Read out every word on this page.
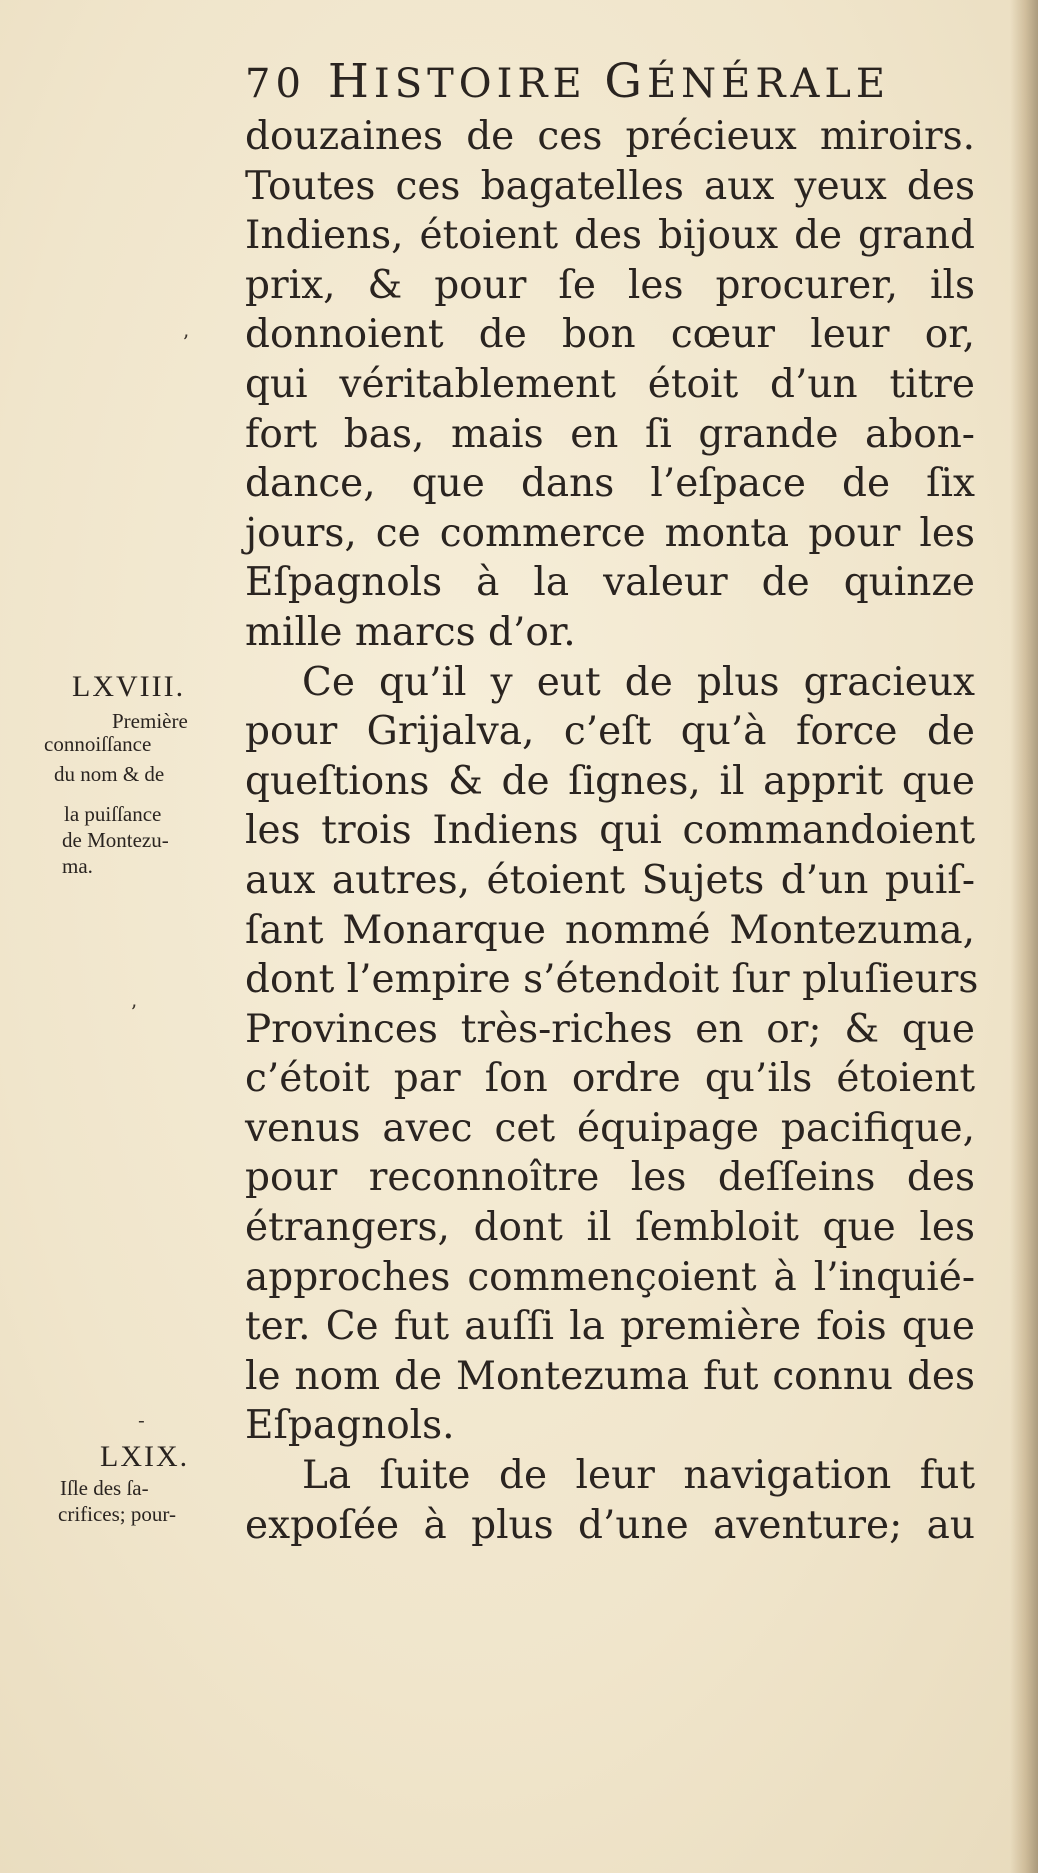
70 HISTOIRE GÉNÉRALE
douzaines de ces précieux miroirs.
Toutes ces bagatelles aux yeux des
Indiens, étoient des bijoux de grand
prix, & pour ſe les procurer, ils
donnoient de bon cœur leur or,
qui véritablement étoit d’un titre
fort bas, mais en ſi grande abon-
dance, que dans l’eſpace de ſix
jours, ce commerce monta pour les
Eſpagnols à la valeur de quinze
mille marcs d’or.
Ce qu’il y eut de plus gracieux
pour Grijalva, c’eſt qu’à force de
queſtions & de ſignes, il apprit que
les trois Indiens qui commandoient
aux autres, étoient Sujets d’un puiſ-
ſant Monarque nommé Montezuma,
dont l’empire s’étendoit ſur pluſieurs
Provinces très-riches en or; & que
c’étoit par ſon ordre qu’ils étoient
venus avec cet équipage pacifique,
pour reconnoître les deſſeins des
étrangers, dont il ſembloit que les
approches commençoient à l’inquié-
ter. Ce fut auſſi la première fois que
le nom de Montezuma fut connu des
Eſpagnols.
La ſuite de leur navigation fut
expoſée à plus d’une aventure; au
LXVIII.
Première
connoiſſance
du nom & de
la puiſſance
de Montezu-
ma.
LXIX.
Iſle des ſa-
crifices; pour-
ʼ
ʼ
-
